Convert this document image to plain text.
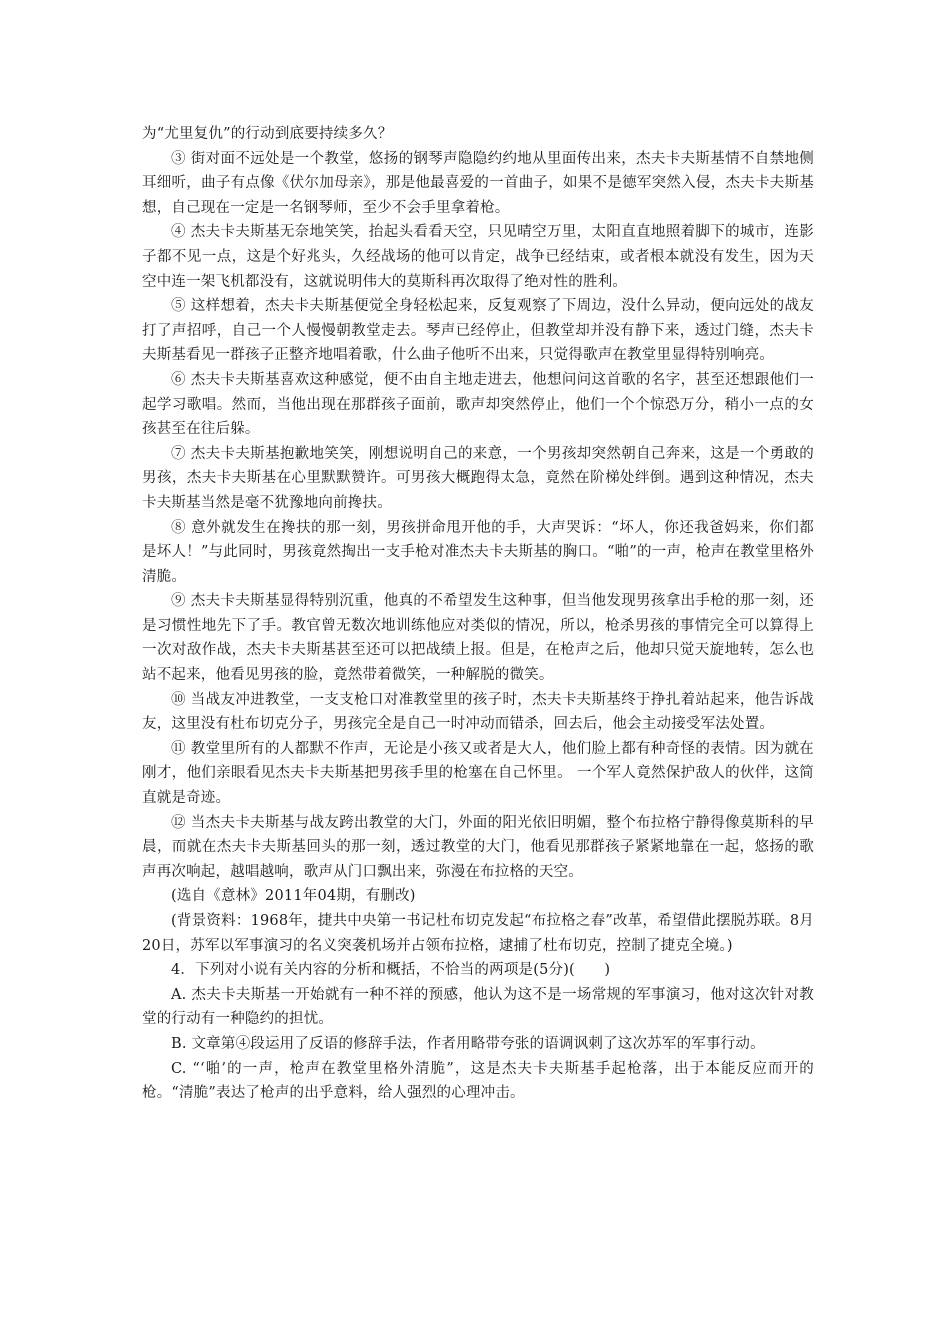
为“尤里复仇”的行动到底要持续多久？

③ 街对面不远处是一个教堂，悠扬的钢琴声隐隐约约地从里面传出来，杰夫卡夫斯基情不自禁地侧耳细听，曲子有点像《伏尔加母亲》，那是他最喜爱的一首曲子，如果不是德军突然入侵，杰夫卡夫斯基想，自己现在一定是一名钢琴师，至少不会手里拿着枪。

④ 杰夫卡夫斯基无奈地笑笑，抬起头看看天空，只见晴空万里，太阳直直地照着脚下的城市，连影子都不见一点，这是个好兆头，久经战场的他可以肯定，战争已经结束，或者根本就没有发生，因为天空中连一架飞机都没有，这就说明伟大的莫斯科再次取得了绝对性的胜利。

⑤ 这样想着，杰夫卡夫斯基便觉全身轻松起来，反复观察了下周边，没什么异动，便向远处的战友打了声招呼，自己一个人慢慢朝教堂走去。琴声已经停止，但教堂却并没有静下来，透过门缝，杰夫卡夫斯基看见一群孩子正整齐地唱着歌，什么曲子他听不出来，只觉得歌声在教堂里显得特别响亮。

⑥ 杰夫卡夫斯基喜欢这种感觉，便不由自主地走进去，他想问问这首歌的名字，甚至还想跟他们一起学习歌唱。然而，当他出现在那群孩子面前，歌声却突然停止，他们一个个惊恐万分，稍小一点的女孩甚至在往后躲。

⑦ 杰夫卡夫斯基抱歉地笑笑，刚想说明自己的来意，一个男孩却突然朝自己奔来，这是一个勇敢的男孩，杰夫卡夫斯基在心里默默赞许。可男孩大概跑得太急，竟然在阶梯处绊倒。遇到这种情况，杰夫卡夫斯基当然是毫不犹豫地向前搀扶。

⑧ 意外就发生在搀扶的那一刻，男孩拼命甩开他的手，大声哭诉：“坏人，你还我爸妈来，你们都是坏人！”与此同时，男孩竟然掏出一支手枪对准杰夫卡夫斯基的胸口。“啪”的一声，枪声在教堂里格外清脆。

⑨ 杰夫卡夫斯基显得特别沉重，他真的不希望发生这种事，但当他发现男孩拿出手枪的那一刻，还是习惯性地先下了手。教官曾无数次地训练他应对类似的情况，所以，枪杀男孩的事情完全可以算得上一次对敌作战，杰夫卡夫斯基甚至还可以把战绩上报。但是，在枪声之后，他却只觉天旋地转，怎么也站不起来，他看见男孩的脸，竟然带着微笑，一种解脱的微笑。

⑩ 当战友冲进教堂，一支支枪口对准教堂里的孩子时，杰夫卡夫斯基终于挣扎着站起来，他告诉战友，这里没有杜布切克分子，男孩完全是自己一时冲动而错杀，回去后，他会主动接受军法处置。

⑪ 教堂里所有的人都默不作声，无论是小孩又或者是大人，他们脸上都有种奇怪的表情。因为就在刚才，他们亲眼看见杰夫卡夫斯基把男孩手里的枪塞在自己怀里。 一个军人竟然保护敌人的伙伴，这简直就是奇迹。

⑫ 当杰夫卡夫斯基与战友跨出教堂的大门，外面的阳光依旧明媚，整个布拉格宁静得像莫斯科的早晨，而就在杰夫卡夫斯基回头的那一刻，透过教堂的大门，他看见那群孩子紧紧地靠在一起，悠扬的歌声再次响起，越唱越响，歌声从门口飘出来，弥漫在布拉格的天空。

(选自《意林》2011年04期，有删改)

(背景资料：1968年，捷共中央第一书记杜布切克发起“布拉格之春”改革，希望借此摆脱苏联。8月20日，苏军以军事演习的名义突袭机场并占领布拉格，逮捕了杜布切克，控制了捷克全境。)

4．下列对小说有关内容的分析和概括，不恰当的两项是(5分)(　　)

A. 杰夫卡夫斯基一开始就有一种不祥的预感，他认为这不是一场常规的军事演习，他对这次针对教堂的行动有一种隐约的担忧。

B. 文章第④段运用了反语的修辞手法，作者用略带夸张的语调讽刺了这次苏军的军事行动。

C. “‘啪’的一声，枪声在教堂里格外清脆”，这是杰夫卡夫斯基手起枪落，出于本能反应而开的枪。“清脆”表达了枪声的出乎意料，给人强烈的心理冲击。
